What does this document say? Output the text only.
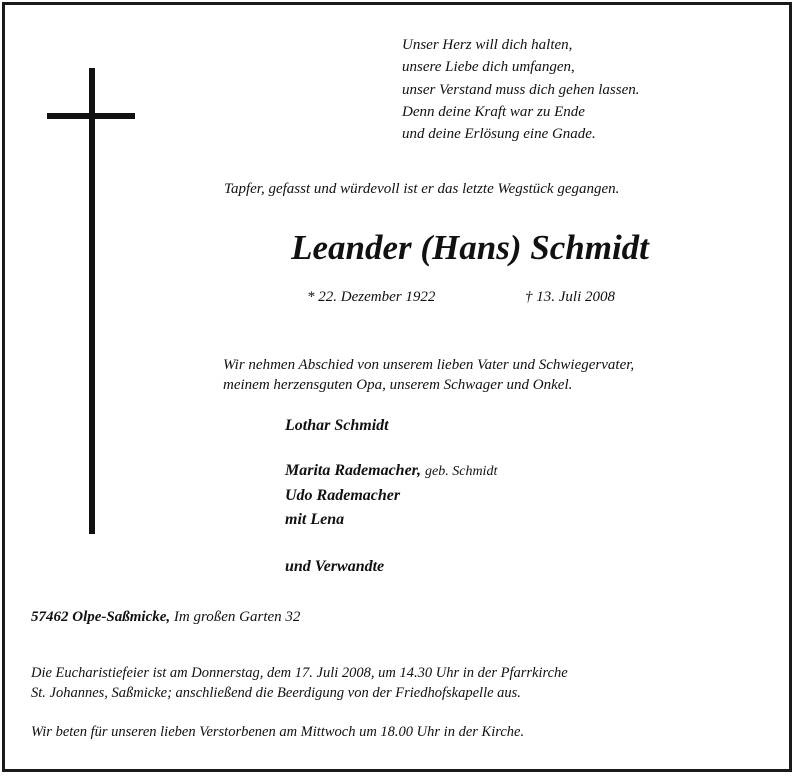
Unser Herz will dich halten,
unsere Liebe dich umfangen,
unser Verstand muss dich gehen lassen.
Denn deine Kraft war zu Ende
und deine Erlösung eine Gnade.
Tapfer, gefasst und würdevoll ist er das letzte Wegstück gegangen.
Leander (Hans) Schmidt
* 22. Dezember 1922	† 13. Juli 2008
Wir nehmen Abschied von unserem lieben Vater und Schwiegervater,
meinem herzensguten Opa, unserem Schwager und Onkel.
Lothar Schmidt
Marita Rademacher, geb. Schmidt
Udo Rademacher
mit Lena
und Verwandte
57462 Olpe-Saßmicke, Im großen Garten 32
Die Eucharistiefeier ist am Donnerstag, dem 17. Juli 2008, um 14.30 Uhr in der Pfarrkirche
St. Johannes, Saßmicke; anschließend die Beerdigung von der Friedhofskapelle aus.
Wir beten für unseren lieben Verstorbenen am Mittwoch um 18.00 Uhr in der Kirche.
